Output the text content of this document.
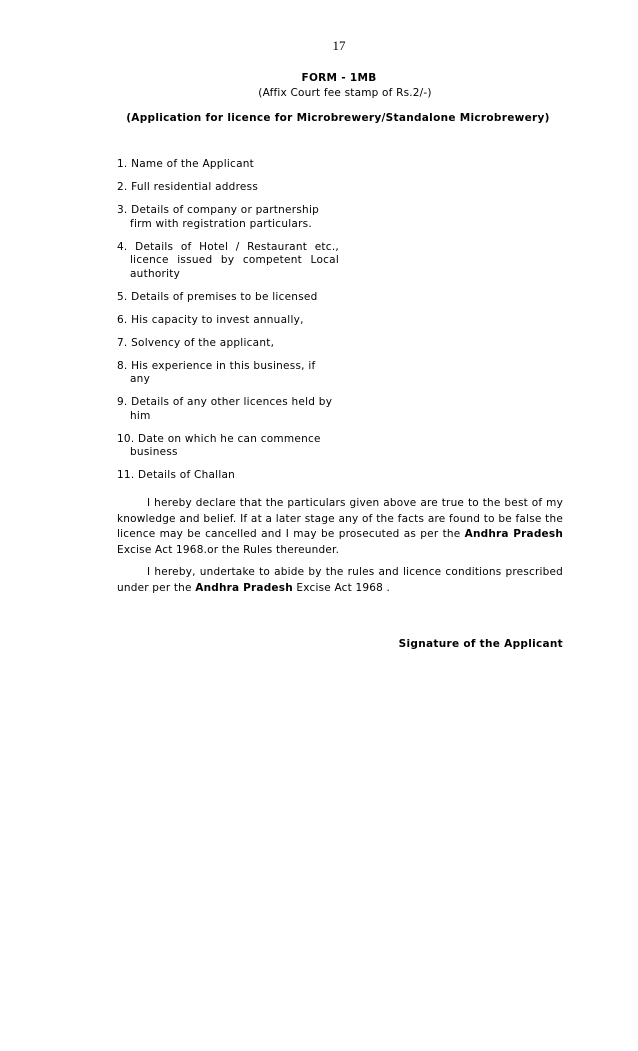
17
FORM - 1MB
(Affix Court fee stamp of Rs.2/-)
(Application for licence for Microbrewery/Standalone Microbrewery)
1. Name of the Applicant
2. Full residential address
3. Details of company or partnership firm with registration particulars.
4. Details of Hotel / Restaurant etc., licence issued by competent Local authority
5. Details of premises to be licensed
6. His capacity to invest annually,
7. Solvency of the applicant,
8. His experience in this business, if any
9. Details of any other licences held by him
10. Date on which he can commence business
11. Details of Challan

I hereby declare that the particulars given above are true to the best of my knowledge and belief. If at a later stage any of the facts are found to be false the licence may be cancelled and I may be prosecuted as per the Andhra Pradesh Excise Act 1968.or the Rules thereunder.

I hereby, undertake to abide by the rules and licence conditions prescribed under per the Andhra Pradesh Excise Act 1968 .

Signature of the Applicant
